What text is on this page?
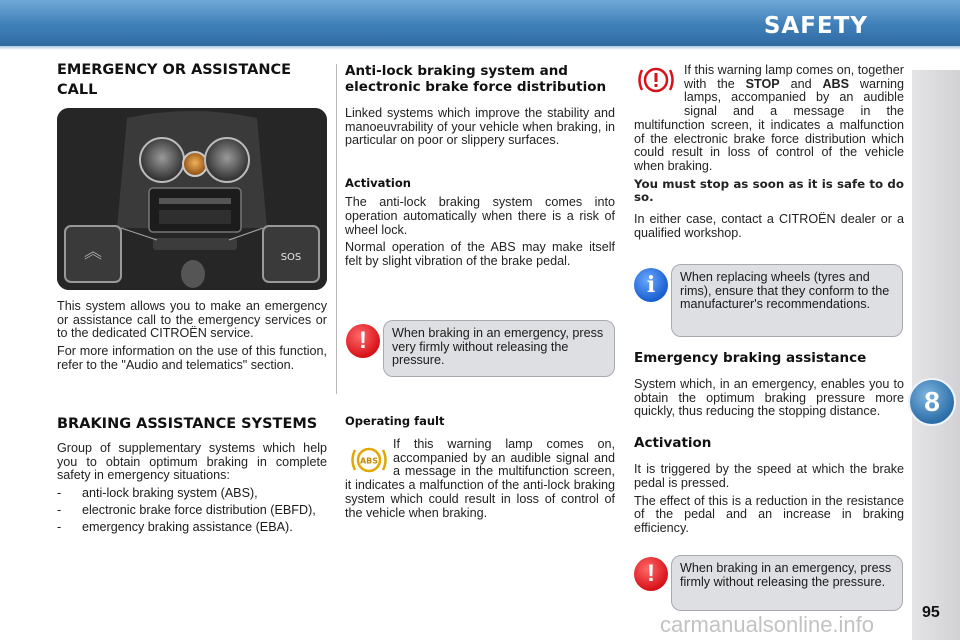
SAFETY
8
95
carmanualsonline.info
EMERGENCY OR ASSISTANCE CALL
︽	SOS

This system allows you to make an emergency or assistance call to the emergency services or to the dedicated CITROËN service.

For more information on the use of this function, refer to the "Audio and telematics" section.

BRAKING ASSISTANCE SYSTEMS

Group of supplementary systems which help you to obtain optimum braking in complete safety in emergency situations:

- anti-lock braking system (ABS),
- electronic brake force distribution (EBFD),
- emergency braking assistance (EBA).
Anti-lock braking system and electronic brake force distribution

Linked systems which improve the stability and manoeuvrability of your vehicle when braking, in particular on poor or slippery surfaces.

Activation

The anti-lock braking system comes into operation automatically when there is a risk of wheel lock.

Normal operation of the ABS may make itself felt by slight vibration of the brake pedal.

!	When braking in an emergency, press very firmly without releasing the pressure.
Operating fault
ABS

If this warning lamp comes on, accompanied by an audible signal and a message in the multifunction screen, it indicates a malfunction of the anti-lock braking system which could result in loss of control of the vehicle when braking.

If this warning lamp comes on, together with the STOP and ABS warning lamps, accompanied by an audible signal and a message in the multifunction screen, it indicates a malfunction of the electronic brake force distribution which could result in loss of control of the vehicle when braking.

You must stop as soon as it is safe to do so.

In either case, contact a CITROËN dealer or a qualified workshop.

i	When replacing wheels (tyres and rims), ensure that they conform to the manufacturer's recommendations.
Emergency braking assistance

System which, in an emergency, enables you to obtain the optimum braking pressure more quickly, thus reducing the stopping distance.

Activation

It is triggered by the speed at which the brake pedal is pressed.

The effect of this is a reduction in the resistance of the pedal and an increase in braking efficiency.

!	When braking in an emergency, press firmly without releasing the pressure.
